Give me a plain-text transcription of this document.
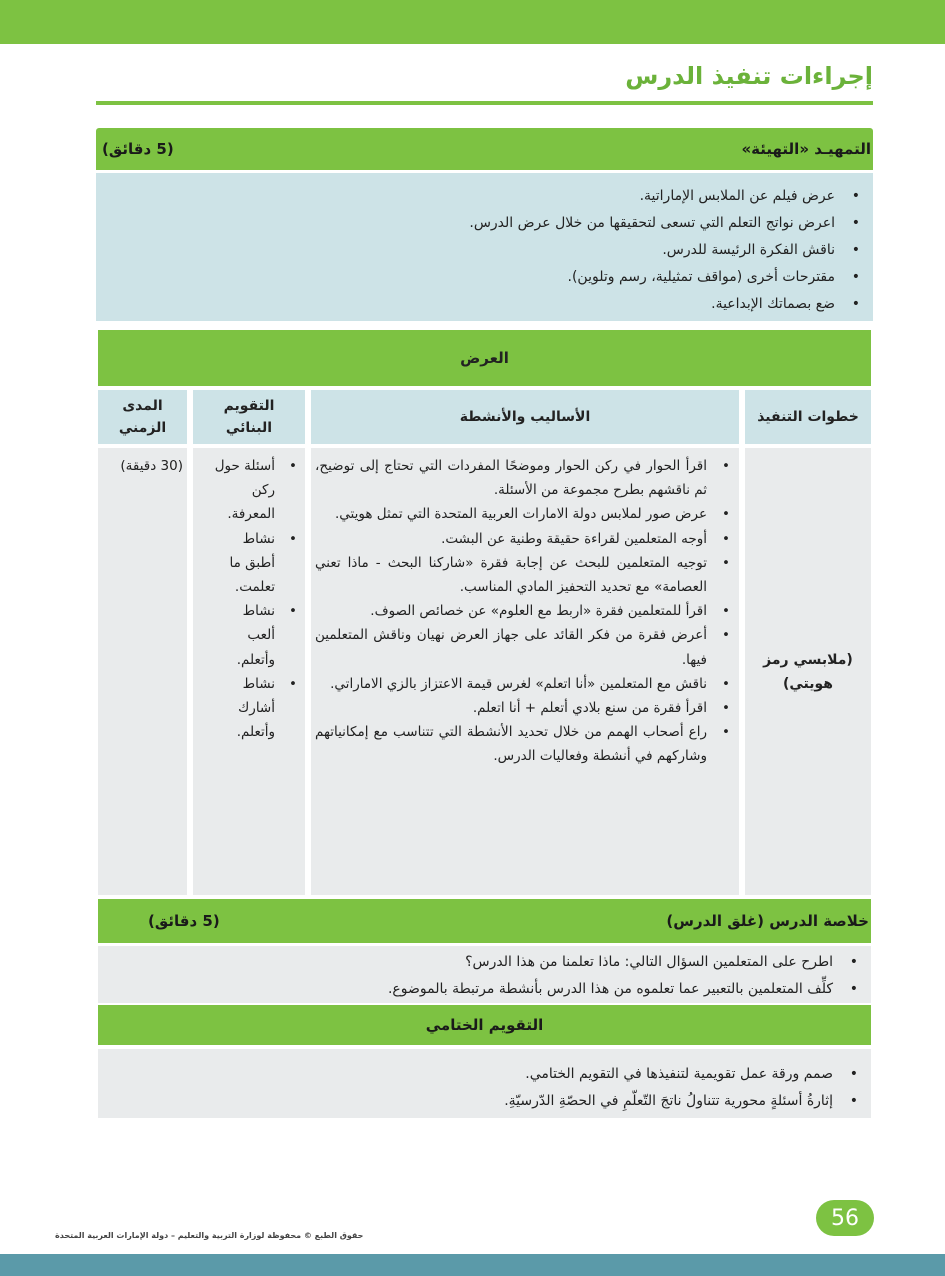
إجراءات تنفيذ الدرس
التمهيـد «التهيئة»
(5 دقائق)
• عرض فيلم عن الملابس الإماراتية.
• اعرض نواتج التعلم التي تسعى لتحقيقها من خلال عرض الدرس.
• ناقش الفكرة الرئيسة للدرس.
• مقترحات أخرى (مواقف تمثيلية، رسم وتلوين).
• ضع بصماتك الإبداعية.
العرض
خطوات التنفيذ
الأساليب والأنشطة
التقويم البنائي
المدى الزمني
(ملابسي رمز هويتي)

• اقرأ الحوار في ركن الحوار وموضحًا المفردات التي تحتاج إلى توضيح، ثم ناقشهم بطرح مجموعة من الأسئلة.

• عرض صور لملابس دولة الامارات العربية المتحدة التي تمثل هويتي.

• أوجه المتعلمين لقراءة حقيقة وطنية عن البشت.

• توجيه المتعلمين للبحث عن إجابة فقرة «شاركنا البحث - ماذا تعني العصامة» مع تحديد التحفيز المادي المناسب.

• اقرأ للمتعلمين فقرة «اربط مع العلوم» عن خصائص الصوف.

• أعرض فقرة من فكر القائد على جهاز العرض نهيان وناقش المتعلمين فيها.

• ناقش مع المتعلمين «أنا اتعلم» لغرس قيمة الاعتزاز بالزي الاماراتي.

• اقرأ فقرة من سنع بلادي أتعلم + أنا اتعلم.

• راع أصحاب الهمم من خلال تحديد الأنشطة التي تتناسب مع إمكانياتهم وشاركهم في أنشطة وفعاليات الدرس.

• أسئلة حول ركن المعرفة.

• نشاط أطبق ما تعلمت.

• نشاط ألعب وأتعلم.

• نشاط أشارك وأتعلم.

(30 دقيقة)
خلاصة الدرس (غلق الدرس)
(5 دقائق)
• اطرح على المتعلمين السؤال التالي: ماذا تعلمنا من هذا الدرس؟
• كلِّف المتعلمين بالتعبير عما تعلموه من هذا الدرس بأنشطة مرتبطة بالموضوع.
التقويم الختامي
• صمم ورقة عمل تقويمية لتنفيذها في التقويم الختامي.
• إثارةُ أسئلةٍ محورية تتناولُ ناتجَ التّعلّمِ في الحصّةِ الدّرسيّةِ.
56
حقوق الطبع © محفوظة لوزارة التربية والتعليم – دولة الإمارات العربية المتحدة
